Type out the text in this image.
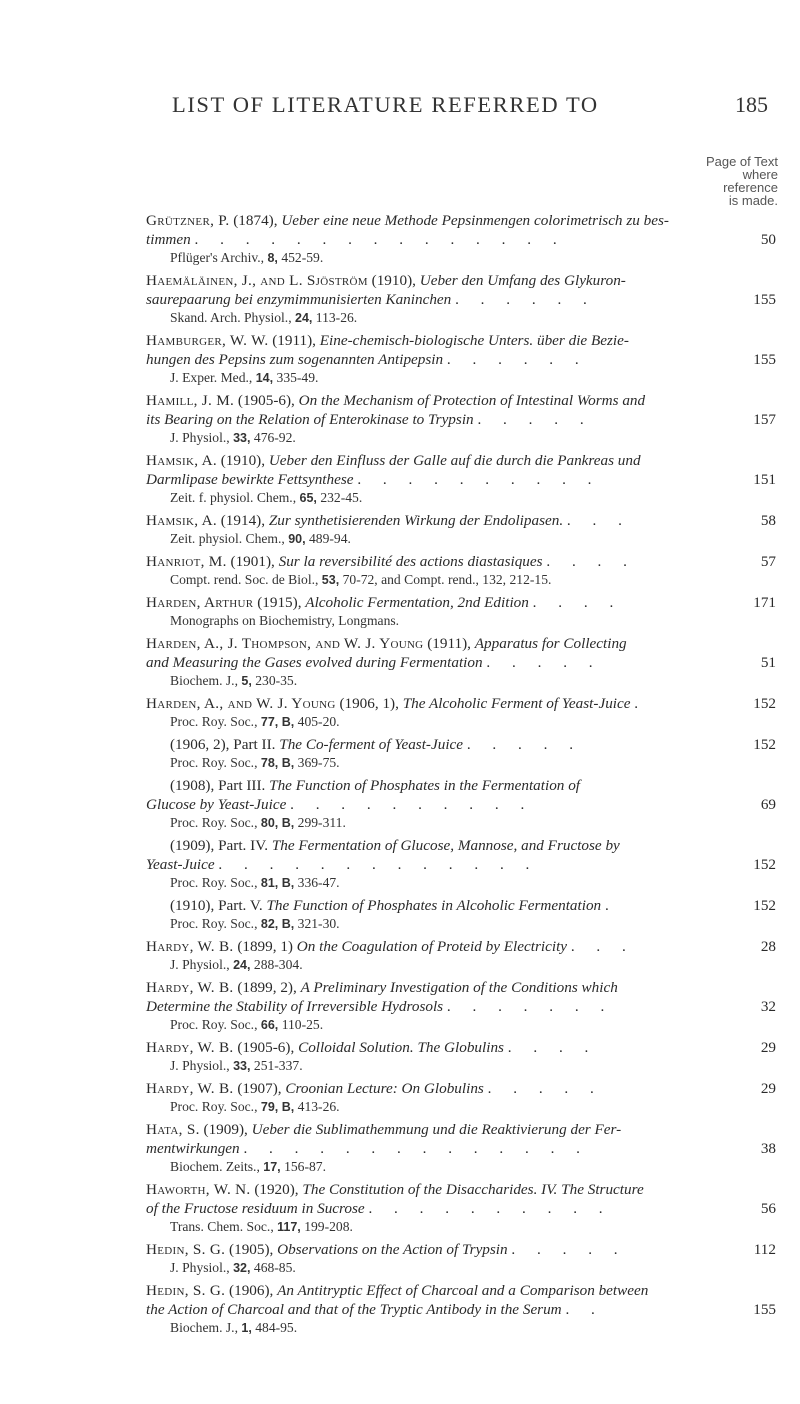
LIST OF LITERATURE REFERRED TO	185
Page of Text
where
reference
is made.
Grützner, P. (1874), Ueber eine neue Methode Pepsinmengen colorimetrisch zu bes-
timmen . . . . . . . . . . . . . . .	50
Pflüger's Archiv., 8, 452-59.
Haemäläinen, J., and L. Sjöström (1910), Ueber den Umfang des Glykuron-
saurepaarung bei enzymimmunisierten Kaninchen . . . . . .	155
Skand. Arch. Physiol., 24, 113-26.
Hamburger, W. W. (1911), Eine-chemisch-biologische Unters. über die Bezie-
hungen des Pepsins zum sogenannten Antipepsin . . . . . .	155
J. Exper. Med., 14, 335-49.
Hamill, J. M. (1905-6), On the Mechanism of Protection of Intestinal Worms and
its Bearing on the Relation of Enterokinase to Trypsin . . . . .	157
J. Physiol., 33, 476-92.
Hamsik, A. (1910), Ueber den Einfluss der Galle auf die durch die Pankreas und
Darmlipase bewirkte Fettsynthese . . . . . . . . . .	151
Zeit. f. physiol. Chem., 65, 232-45.
Hamsik, A. (1914), Zur synthetisierenden Wirkung der Endolipasen. . . .	58
Zeit. physiol. Chem., 90, 489-94.
Hanriot, M. (1901), Sur la reversibilité des actions diastasiques . . . .	57
Compt. rend. Soc. de Biol., 53, 70-72, and Compt. rend., 132, 212-15.
Harden, Arthur (1915), Alcoholic Fermentation, 2nd Edition . . . .	171
Monographs on Biochemistry, Longmans.
Harden, A., J. Thompson, and W. J. Young (1911), Apparatus for Collecting
and Measuring the Gases evolved during Fermentation . . . . .	51
Biochem. J., 5, 230-35.
Harden, A., and W. J. Young (1906, 1), The Alcoholic Ferment of Yeast-Juice .	152
Proc. Roy. Soc., 77, B, 405-20.
(1906, 2), Part II. The Co-ferment of Yeast-Juice . . . . .	152
Proc. Roy. Soc., 78, B, 369-75.
(1908), Part III. The Function of Phosphates in the Fermentation of
Glucose by Yeast-Juice . . . . . . . . . .	69
Proc. Roy. Soc., 80, B, 299-311.
(1909), Part. IV. The Fermentation of Glucose, Mannose, and Fructose by
Yeast-Juice . . . . . . . . . . . . .	152
Proc. Roy. Soc., 81, B, 336-47.
(1910), Part. V. The Function of Phosphates in Alcoholic Fermentation .	152
Proc. Roy. Soc., 82, B, 321-30.
Hardy, W. B. (1899, 1) On the Coagulation of Proteid by Electricity . . .	28
J. Physiol., 24, 288-304.
Hardy, W. B. (1899, 2), A Preliminary Investigation of the Conditions which
Determine the Stability of Irreversible Hydrosols . . . . . . .	32
Proc. Roy. Soc., 66, 110-25.
Hardy, W. B. (1905-6), Colloidal Solution. The Globulins . . . .	29
J. Physiol., 33, 251-337.
Hardy, W. B. (1907), Croonian Lecture: On Globulins . . . . .	29
Proc. Roy. Soc., 79, B, 413-26.
Hata, S. (1909), Ueber die Sublimathemmung und die Reaktivierung der Fer-
mentwirkungen . . . . . . . . . . . . . .	38
Biochem. Zeits., 17, 156-87.
Haworth, W. N. (1920), The Constitution of the Disaccharides. IV. The Structure
of the Fructose residuum in Sucrose . . . . . . . . . .	56
Trans. Chem. Soc., 117, 199-208.
Hedin, S. G. (1905), Observations on the Action of Trypsin . . . . .	112
J. Physiol., 32, 468-85.
Hedin, S. G. (1906), An Antitryptic Effect of Charcoal and a Comparison between
the Action of Charcoal and that of the Tryptic Antibody in the Serum . .	155
Biochem. J., 1, 484-95.
